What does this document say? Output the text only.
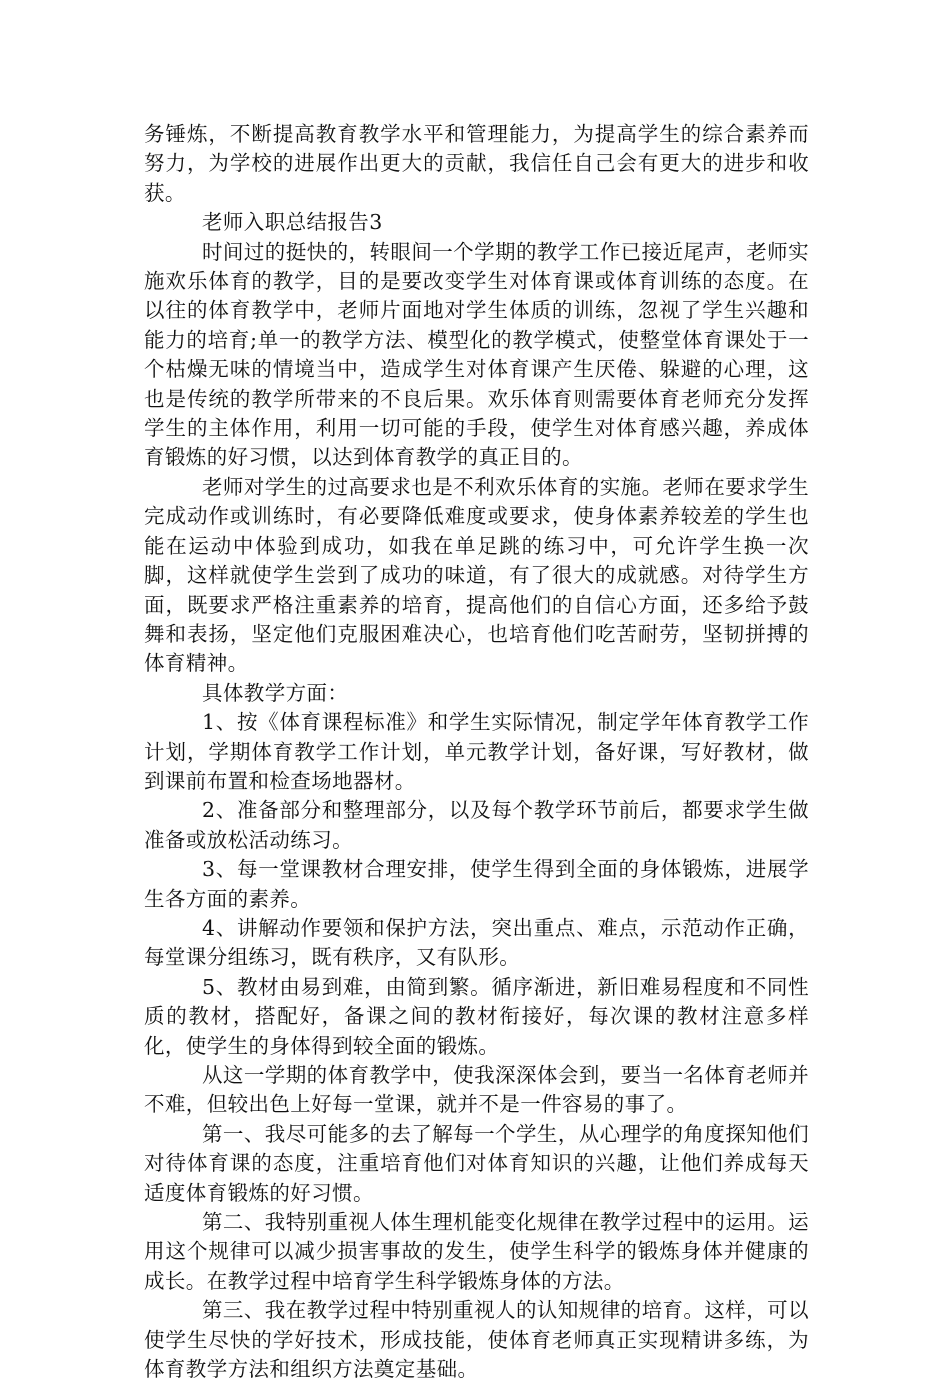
务锤炼，不断提高教育教学水平和管理能力，为提高学生的综合素养而努力，为学校的进展作出更大的贡献，我信任自己会有更大的进步和收获。

老师入职总结报告3

时间过的挺快的，转眼间一个学期的教学工作已接近尾声，老师实施欢乐体育的教学，目的是要改变学生对体育课或体育训练的态度。在以往的体育教学中，老师片面地对学生体质的训练，忽视了学生兴趣和能力的培育;单一的教学方法、模型化的教学模式，使整堂体育课处于一个枯燥无味的情境当中，造成学生对体育课产生厌倦、躲避的心理，这也是传统的教学所带来的不良后果。欢乐体育则需要体育老师充分发挥学生的主体作用，利用一切可能的手段，使学生对体育感兴趣，养成体育锻炼的好习惯，以达到体育教学的真正目的。

老师对学生的过高要求也是不利欢乐体育的实施。老师在要求学生完成动作或训练时，有必要降低难度或要求，使身体素养较差的学生也能在运动中体验到成功，如我在单足跳的练习中，可允许学生换一次脚，这样就使学生尝到了成功的味道，有了很大的成就感。对待学生方面，既要求严格注重素养的培育，提高他们的自信心方面，还多给予鼓舞和表扬，坚定他们克服困难决心，也培育他们吃苦耐劳，坚韧拼搏的体育精神。

具体教学方面：

1、按《体育课程标准》和学生实际情况，制定学年体育教学工作计划，学期体育教学工作计划，单元教学计划，备好课，写好教材，做到课前布置和检查场地器材。

2、准备部分和整理部分，以及每个教学环节前后，都要求学生做准备或放松活动练习。

3、每一堂课教材合理安排，使学生得到全面的身体锻炼，进展学生各方面的素养。

4、讲解动作要领和保护方法，突出重点、难点，示范动作正确，每堂课分组练习，既有秩序，又有队形。

5、教材由易到难，由简到繁。循序渐进，新旧难易程度和不同性质的教材，搭配好，备课之间的教材衔接好，每次课的教材注意多样化，使学生的身体得到较全面的锻炼。

从这一学期的体育教学中，使我深深体会到，要当一名体育老师并不难，但较出色上好每一堂课，就并不是一件容易的事了。

第一、我尽可能多的去了解每一个学生，从心理学的角度探知他们对待体育课的态度，注重培育他们对体育知识的兴趣，让他们养成每天适度体育锻炼的好习惯。

第二、我特别重视人体生理机能变化规律在教学过程中的运用。运用这个规律可以减少损害事故的发生，使学生科学的锻炼身体并健康的成长。在教学过程中培育学生科学锻炼身体的方法。

第三、我在教学过程中特别重视人的认知规律的培育。这样，可以使学生尽快的学好技术，形成技能，使体育老师真正实现精讲多练，为体育教学方法和组织方法奠定基础。
